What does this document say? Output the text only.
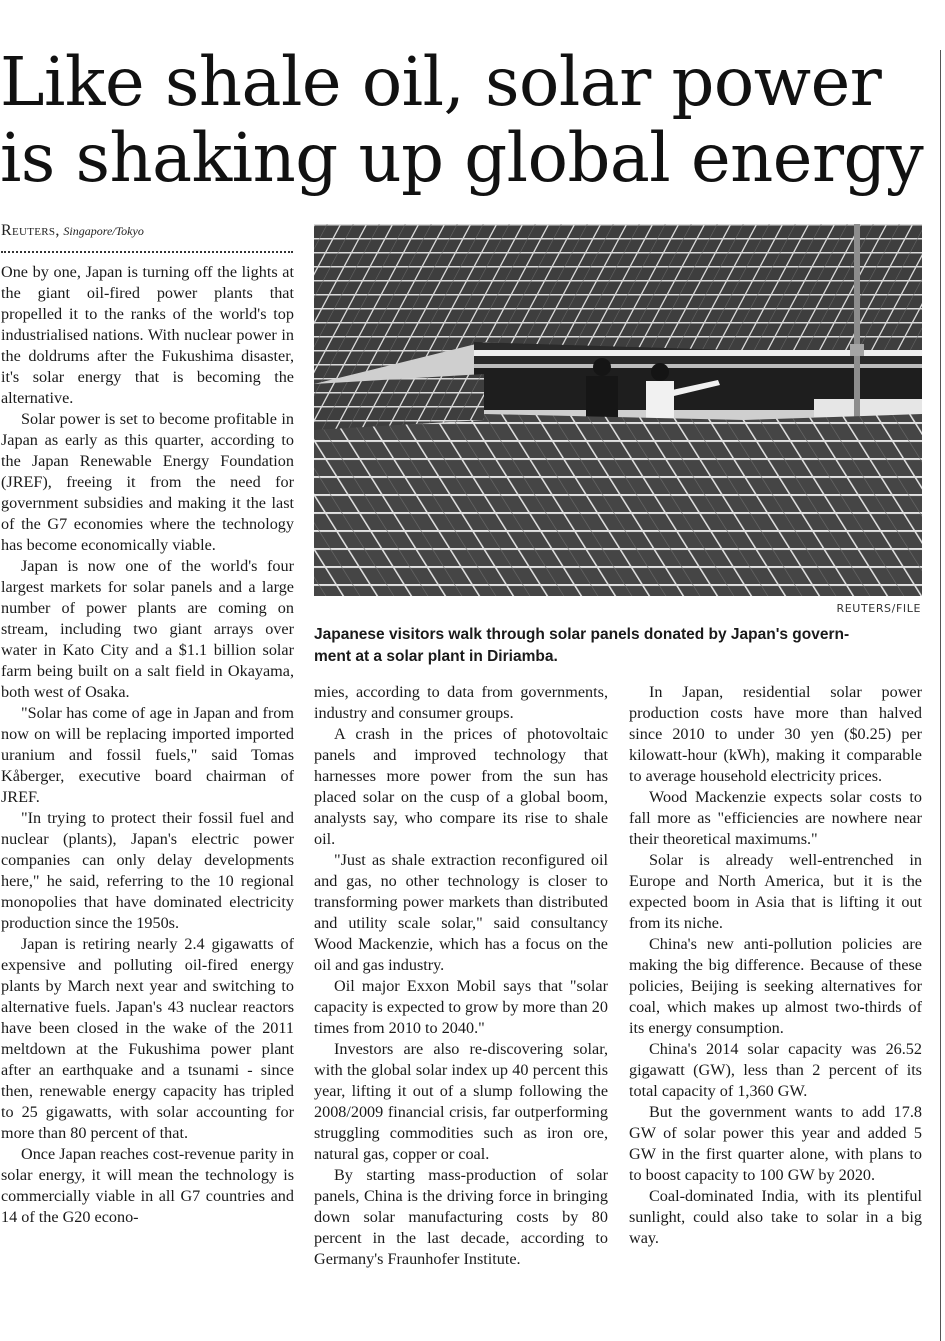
Like shale oil, solar power
is shaking up global energy

Reuters, Singapore/Tokyo

One by one, Japan is turning off the lights at the giant oil-fired power plants that propelled it to the ranks of the world's top industrialised nations. With nuclear power in the doldrums after the Fukushima disaster, it's solar energy that is becoming the alternative.

Solar power is set to become profitable in Japan as early as this quarter, according to the Japan Renewable Energy Foundation (JREF), freeing it from the need for government subsidies and making it the last of the G7 economies where the technology has become economically viable.

Japan is now one of the world's four largest markets for solar panels and a large number of power plants are coming on stream, including two giant arrays over water in Kato City and a $1.1 billion solar farm being built on a salt field in Okayama, both west of Osaka.

"Solar has come of age in Japan and from now on will be replacing imported imported uranium and fossil fuels," said Tomas Kåberger, executive board chairman of JREF.

"In trying to protect their fossil fuel and nuclear (plants), Japan's electric power companies can only delay developments here," he said, referring to the 10 regional monopolies that have dominated electricity production since the 1950s.

Japan is retiring nearly 2.4 gigawatts of expensive and polluting oil-fired energy plants by March next year and switching to alternative fuels. Japan's 43 nuclear reactors have been closed in the wake of the 2011 meltdown at the Fukushima power plant after an earthquake and a tsunami - since then, renewable energy capacity has tripled to 25 gigawatts, with solar accounting for more than 80 percent of that.

Once Japan reaches cost-revenue parity in solar energy, it will mean the technology is commercially viable in all G7 countries and 14 of the G20 econo-

REUTERS/FILE

Japanese visitors walk through solar panels donated by Japan's govern-
ment at a solar plant in Diriamba.

mies, according to data from governments, industry and consumer groups.

A crash in the prices of photovoltaic panels and improved technology that harnesses more power from the sun has placed solar on the cusp of a global boom, analysts say, who compare its rise to shale oil.

"Just as shale extraction reconfigured oil and gas, no other technology is closer to transforming power markets than distributed and utility scale solar," said consultancy Wood Mackenzie, which has a focus on the oil and gas industry.

Oil major Exxon Mobil says that "solar capacity is expected to grow by more than 20 times from 2010 to 2040."

Investors are also re-discovering solar, with the global solar index up 40 percent this year, lifting it out of a slump following the 2008/2009 financial crisis, far outperforming struggling commodities such as iron ore, natural gas, copper or coal.

By starting mass-production of solar panels, China is the driving force in bringing down solar manufacturing costs by 80 percent in the last decade, according to Germany's Fraunhofer Institute.

In Japan, residential solar power production costs have more than halved since 2010 to under 30 yen ($0.25) per kilowatt-hour (kWh), making it comparable to average household electricity prices.

Wood Mackenzie expects solar costs to fall more as "efficiencies are nowhere near their theoretical maximums."

Solar is already well-entrenched in Europe and North America, but it is the expected boom in Asia that is lifting it out from its niche.

China's new anti-pollution policies are making the big difference. Because of these policies, Beijing is seeking alternatives for coal, which makes up almost two-thirds of its energy consumption.

China's 2014 solar capacity was 26.52 gigawatt (GW), less than 2 percent of its total capacity of 1,360 GW.

But the government wants to add 17.8 GW of solar power this year and added 5 GW in the first quarter alone, with plans to to boost capacity to 100 GW by 2020.

Coal-dominated India, with its plentiful sunlight, could also take to solar in a big way.
